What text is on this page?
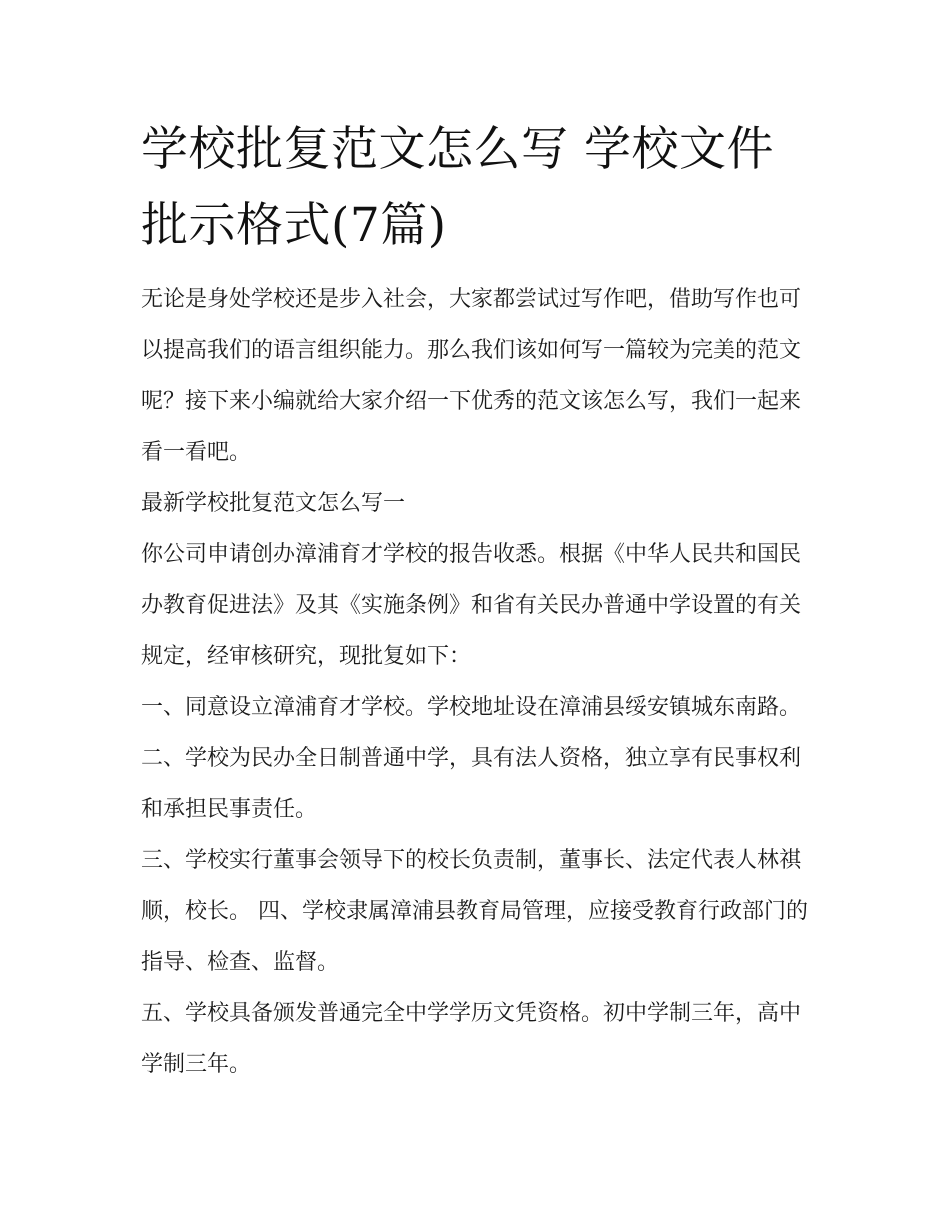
学校批复范文怎么写 学校文件批示格式(7篇)

无论是身处学校还是步入社会，大家都尝试过写作吧，借助写作也可以提高我们的语言组织能力。那么我们该如何写一篇较为完美的范文呢？接下来小编就给大家介绍一下优秀的范文该怎么写，我们一起来看一看吧。

最新学校批复范文怎么写一

你公司申请创办漳浦育才学校的报告收悉。根据《中华人民共和国民办教育促进法》及其《实施条例》和省有关民办普通中学设置的有关规定，经审核研究，现批复如下：

一、同意设立漳浦育才学校。学校地址设在漳浦县绥安镇城东南路。 二、学校为民办全日制普通中学，具有法人资格，独立享有民事权利和承担民事责任。

三、学校实行董事会领导下的校长负责制，董事长、法定代表人林祺顺，校长。 四、学校隶属漳浦县教育局管理，应接受教育行政部门的指导、检查、监督。

五、学校具备颁发普通完全中学学历文凭资格。初中学制三年，高中学制三年。
